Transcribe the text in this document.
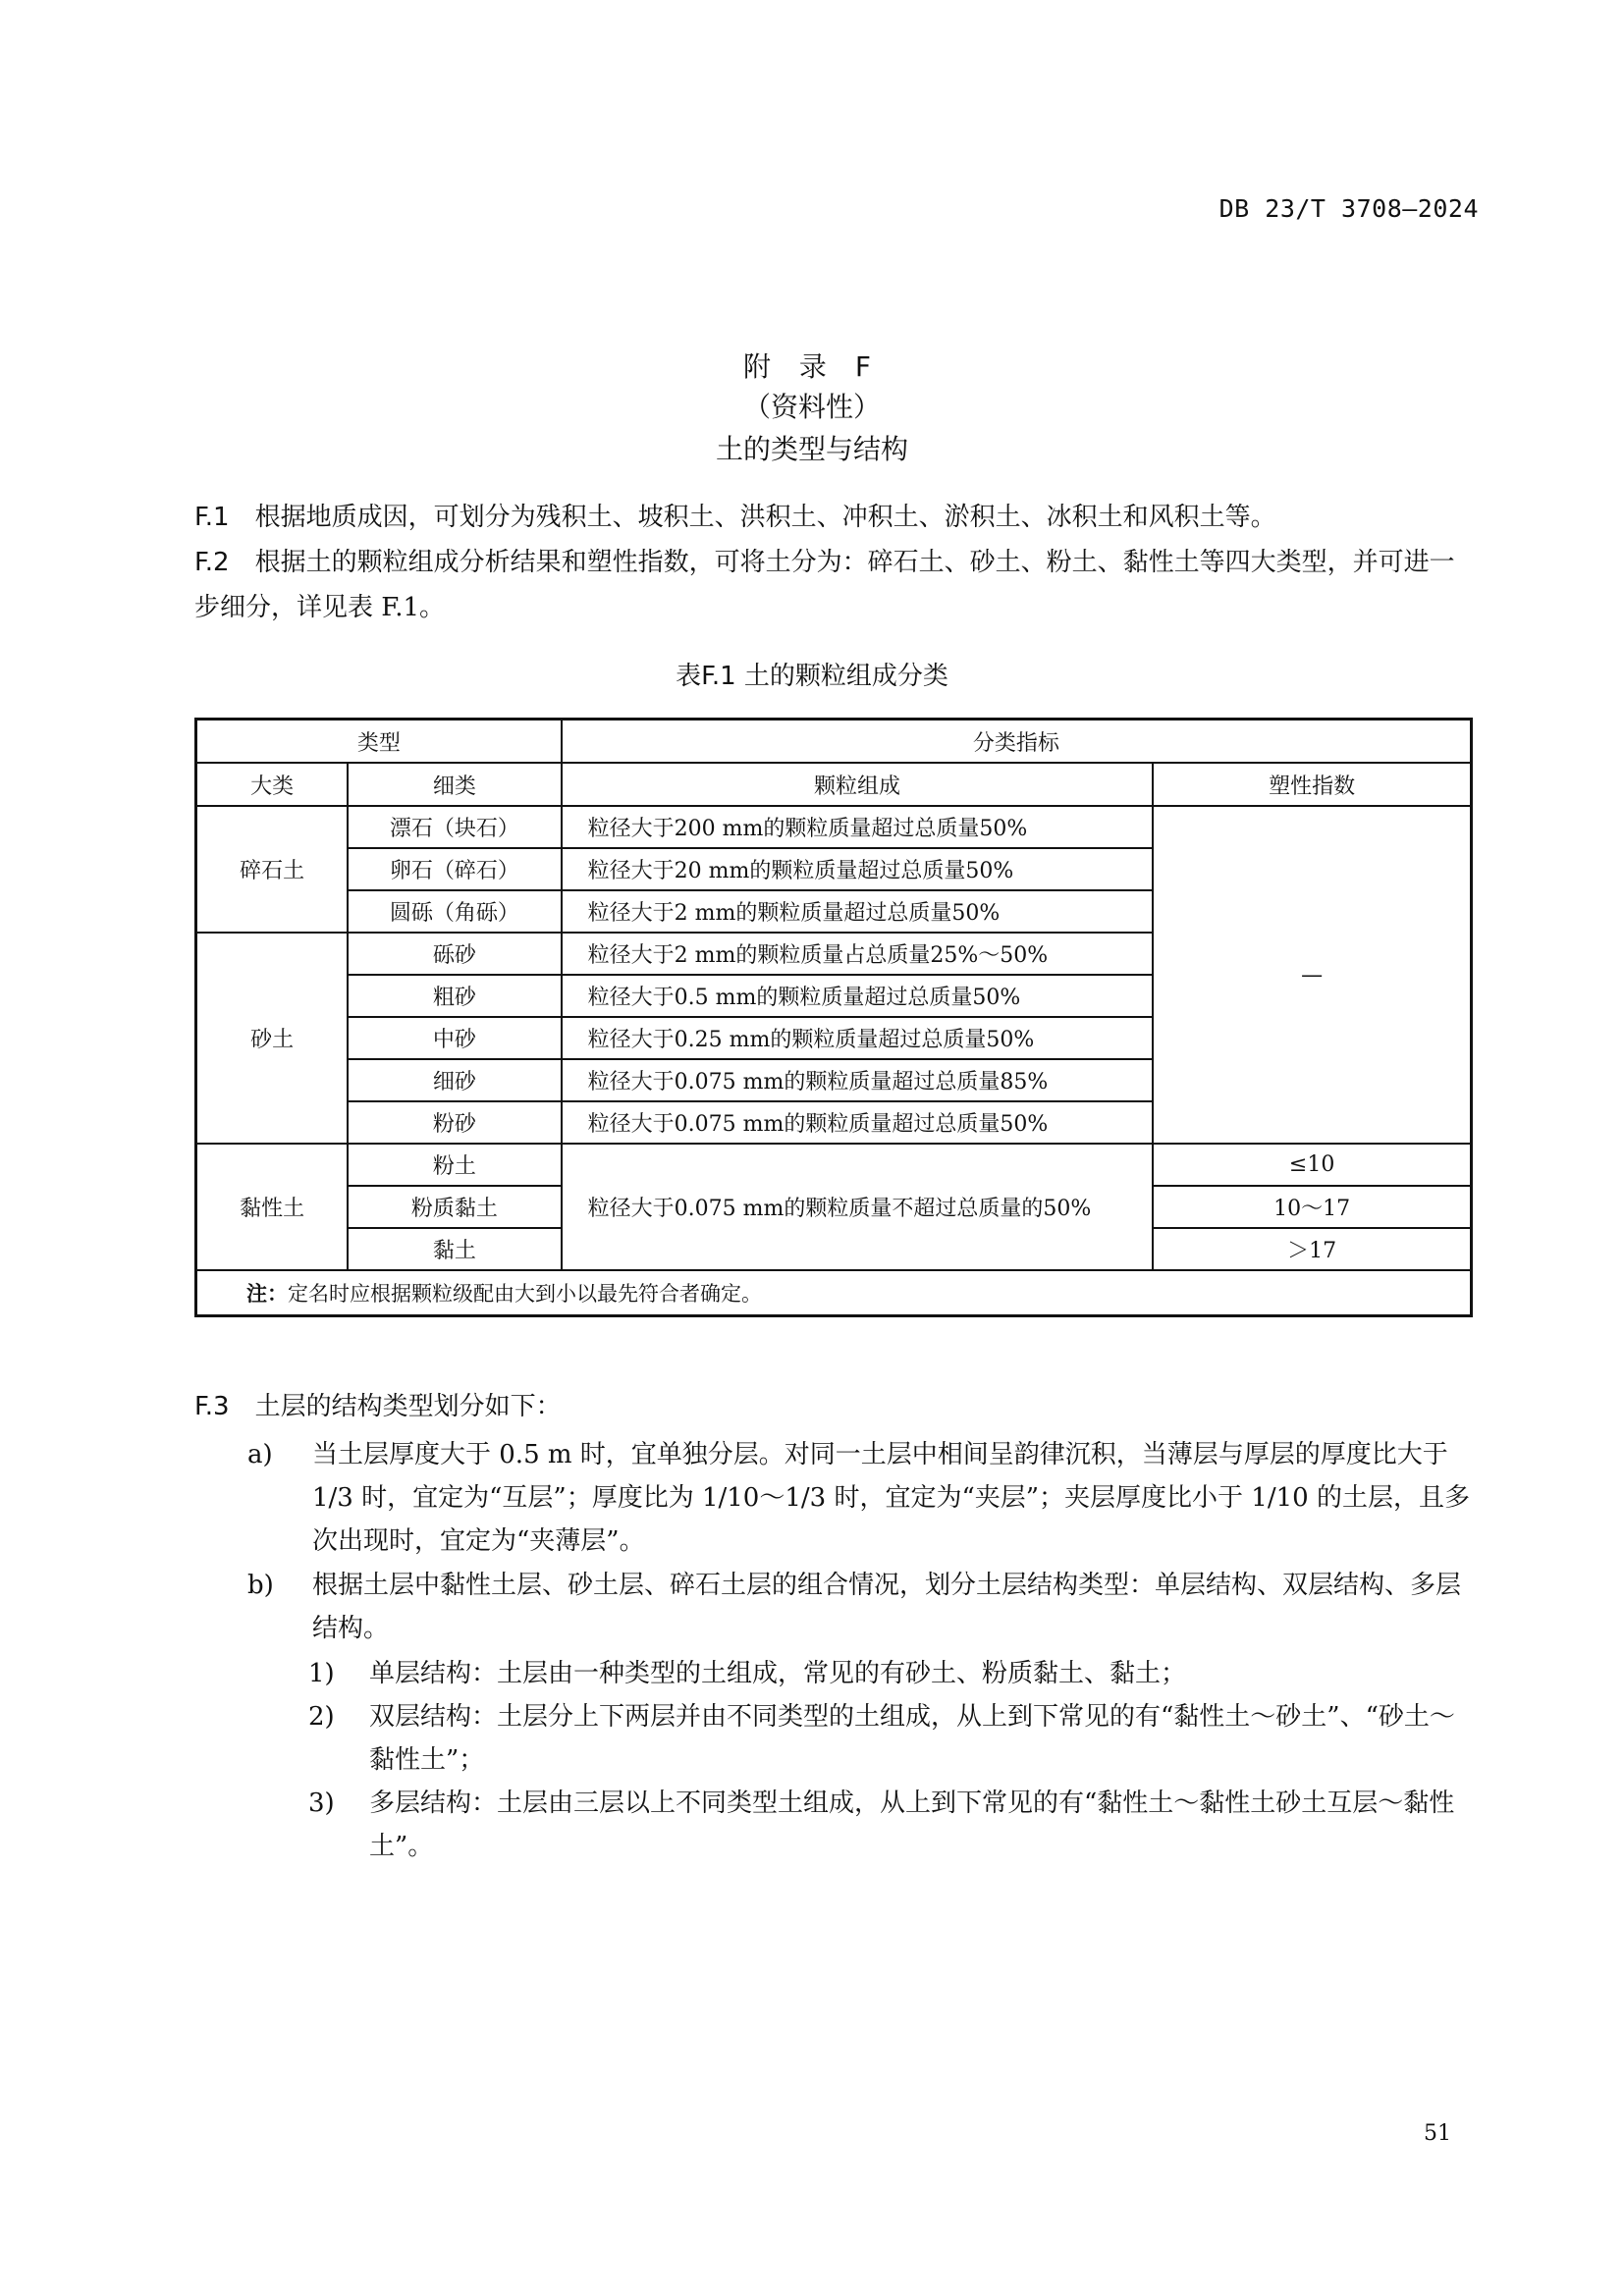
DB 23/T 3708—2024
附 录 F
（资料性）
土的类型与结构
F.1 根据地质成因，可划分为残积土、坡积土、洪积土、冲积土、淤积土、冰积土和风积土等。
F.2 根据土的颗粒组成分析结果和塑性指数，可将土分为：碎石土、砂土、粉土、黏性土等四大类型，并可进一步细分，详见表 F.1。
表F.1 土的颗粒组成分类
类型		分类指标	
大类	细类	颗粒组成	塑性指数
碎石土	漂石（块石）	粒径大于200 mm的颗粒质量超过总质量50%	—
	卵石（碎石）	粒径大于20 mm的颗粒质量超过总质量50%	
	圆砾（角砾）	粒径大于2 mm的颗粒质量超过总质量50%	
砂土	砾砂	粒径大于2 mm的颗粒质量占总质量25%～50%	
	粗砂	粒径大于0.5 mm的颗粒质量超过总质量50%	
	中砂	粒径大于0.25 mm的颗粒质量超过总质量50%	
	细砂	粒径大于0.075 mm的颗粒质量超过总质量85%	
	粉砂	粒径大于0.075 mm的颗粒质量超过总质量50%	
黏性土	粉土	粒径大于0.075 mm的颗粒质量不超过总质量的50%	≤10
	粉质黏土		10～17
	黏土		＞17
注：定名时应根据颗粒级配由大到小以最先符合者确定。			
F.3 土层的结构类型划分如下：
a) 当土层厚度大于 0.5 m 时，宜单独分层。对同一土层中相间呈韵律沉积，当薄层与厚层的厚度比大于 1/3 时，宜定为“互层”；厚度比为 1/10～1/3 时，宜定为“夹层”；夹层厚度比小于 1/10 的土层，且多次出现时，宜定为“夹薄层”。
b) 根据土层中黏性土层、砂土层、碎石土层的组合情况，划分土层结构类型：单层结构、双层结构、多层结构。
1) 单层结构：土层由一种类型的土组成，常见的有砂土、粉质黏土、黏土；
2) 双层结构：土层分上下两层并由不同类型的土组成，从上到下常见的有“黏性土～砂土”、“砂土～黏性土”；
3) 多层结构：土层由三层以上不同类型土组成，从上到下常见的有“黏性土～黏性土砂土互层～黏性土”。
51
